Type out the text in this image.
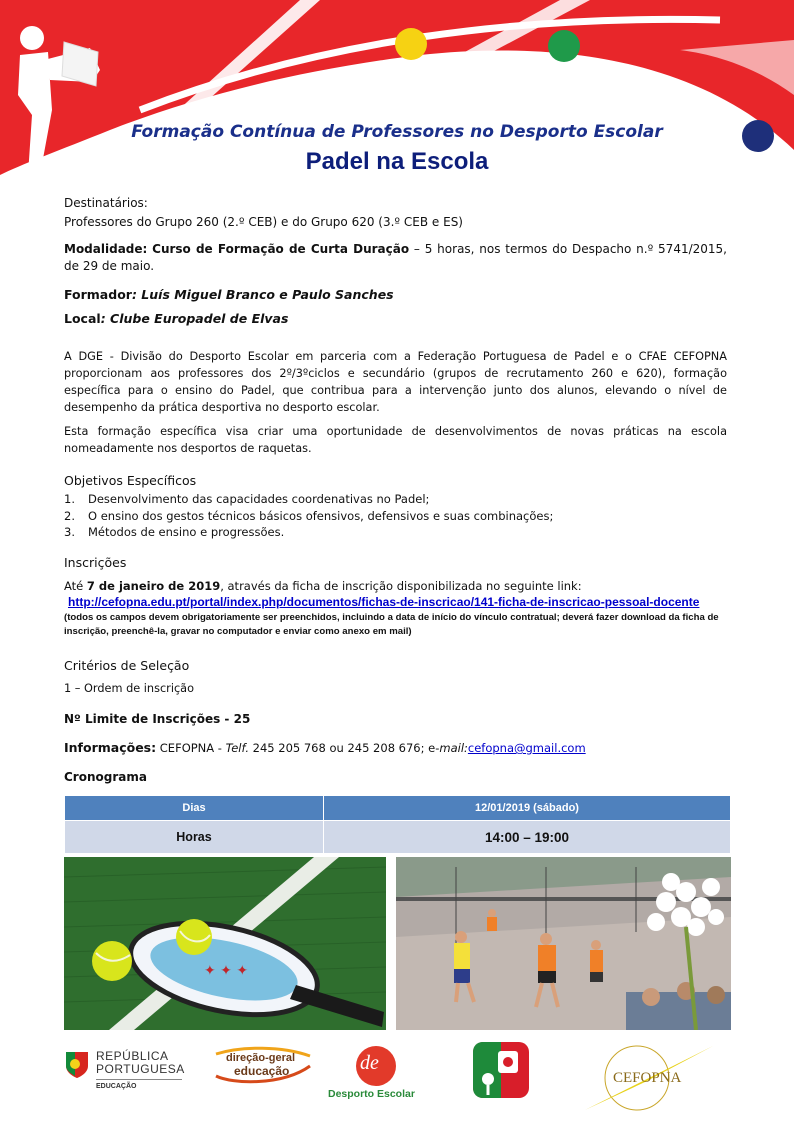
Formação Contínua de Professores no Desporto Escolar
Padel na Escola
Destinatários:
Professores do Grupo 260 (2.º CEB) e do Grupo 620 (3.º CEB e ES)
Modalidade: Curso de Formação de Curta Duração – 5 horas, nos termos do Despacho n.º 5741/2015, de 29 de maio.
Formador: Luís Miguel Branco e Paulo Sanches
Local: Clube Europadel de Elvas
A DGE - Divisão do Desporto Escolar em parceria com a Federação Portuguesa de Padel e o CFAE CEFOPNA proporcionam aos professores dos 2º/3ºciclos e secundário (grupos de recrutamento 260 e 620), formação específica para o ensino do Padel, que contribua para a intervenção junto dos alunos, elevando o nível de desempenho da prática desportiva no desporto escolar.
Esta formação específica visa criar uma oportunidade de desenvolvimentos de novas práticas na escola nomeadamente nos desportos de raquetas.
Objetivos Específicos
1. Desenvolvimento das capacidades coordenativas no Padel;
2. O ensino dos gestos técnicos básicos ofensivos, defensivos e suas combinações;
3. Métodos de ensino e progressões.
Inscrições
Até 7 de janeiro de 2019, através da ficha de inscrição disponibilizada no seguinte link:
http://cefopna.edu.pt/portal/index.php/documentos/fichas-de-inscricao/141-ficha-de-inscricao-pessoal-docente
(todos os campos devem obrigatoriamente ser preenchidos, incluindo a data de início do vínculo contratual; deverá fazer download da ficha de inscrição, preenchê-la, gravar no computador e enviar como anexo em mail)
Critérios de Seleção
1 – Ordem de inscrição
Nº Limite de Inscrições - 25
Informações: CEFOPNA - Telf. 245 205 768 ou 245 208 676; e-mail:cefopna@gmail.com
Cronograma
Dias	12/01/2019 (sábado)
Horas	14:00 – 19:00
✦ ✦ ✦
REPÚBLICA
PORTUGUESA
EDUCAÇÃO
direção-geral
educação	de
Desporto Escolar
CEFOPNA
